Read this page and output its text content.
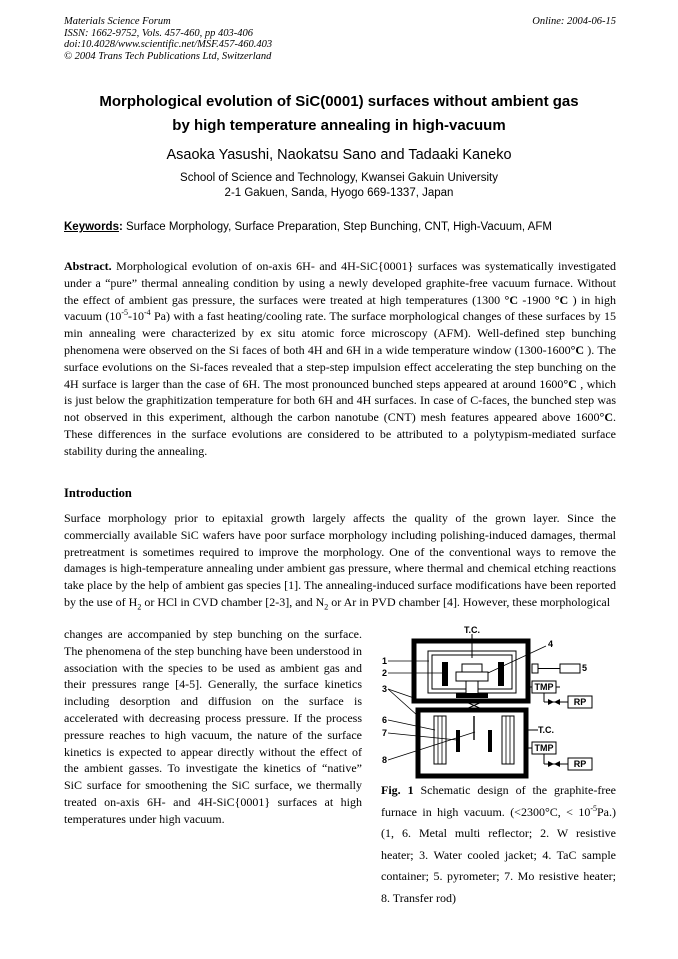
Materials Science Forum
ISSN: 1662-9752, Vols. 457-460, pp 403-406
doi:10.4028/www.scientific.net/MSF.457-460.403
© 2004 Trans Tech Publications Ltd, Switzerland
Online: 2004-06-15
Morphological evolution of SiC(0001) surfaces without ambient gas
by high temperature annealing in high-vacuum
Asaoka Yasushi, Naokatsu Sano and Tadaaki Kaneko
School of Science and Technology, Kwansei Gakuin University
2-1 Gakuen, Sanda, Hyogo 669-1337, Japan
Keywords: Surface Morphology, Surface Preparation, Step Bunching, CNT, High-Vacuum, AFM
Abstract. Morphological evolution of on-axis 6H- and 4H-SiC{0001} surfaces was systematically investigated under a “pure” thermal annealing condition by using a newly developed graphite-free vacuum furnace. Without the effect of ambient gas pressure, the surfaces were treated at high temperatures (1300 °C -1900 °C ) in high vacuum ($10^{-5}-10^{-4}$ Pa) with a fast heating/cooling rate. The surface morphological changes of these surfaces by 15 min annealing were characterized by ex situ atomic force microscopy (AFM). Well-defined step bunching phenomena were observed on the Si faces of both 4H and 6H in a wide temperature window (1300-1600°C ). The surface evolutions on the Si-faces revealed that a step-step impulsion effect accelerating the step bunching on the 4H surface is larger than the case of 6H. The most pronounced bunched steps appeared at around 1600°C , which is just below the graphitization temperature for both 6H and 4H surfaces. In case of C-faces, the bunched step was not observed in this experiment, although the carbon nanotube (CNT) mesh features appeared above 1600°C. These differences in the surface evolutions are considered to be attributed to a polytypism-mediated surface stability during the annealing.
Introduction
Surface morphology prior to epitaxial growth largely affects the quality of the grown layer. Since the commercially available SiC wafers have poor surface morphology including polishing-induced damages, thermal pretreatment is sometimes required to improve the morphology. One of the conventional ways to remove the damages is high-temperature annealing under ambient gas pressure, where thermal and chemical etching reactions take place by the help of ambient gas species [1]. The annealing-induced surface modifications have been reported by the use of $H_2$ or HCl in CVD chamber [2-3], and $N_2$ or Ar in PVD chamber [4]. However, these morphological
changes are accompanied by step bunching on the surface. The phenomena of the step bunching have been understood in association with the species to be used as ambient gas and their pressures range [4-5]. Generally, the surface kinetics including desorption and diffusion on the surface is accelerated with decreasing process pressure. If the process pressure reaches to high vacuum, the nature of the surface kinetics is expected to appear directly without the effect of the ambient gasses. To investigate the kinetics of “native” SiC surface for smoothening the SiC surface, we thermally treated on-axis 6H- and 4H-SiC{0001} surfaces at high temperatures under high vacuum.
T.C.
T.C.
TMP
TMP
RP
RP
1
2
3
4
5
6
7
8
Fig. 1 Schematic design of the graphite-free furnace in high vacuum. (<2300°C, < $10^{-5}Pa$.) (1, 6. Metal multi reflector; 2. W resistive heater; 3. Water cooled jacket; 4. TaC sample container; 5. pyrometer; 7. Mo resistive heater; 8. Transfer rod)
